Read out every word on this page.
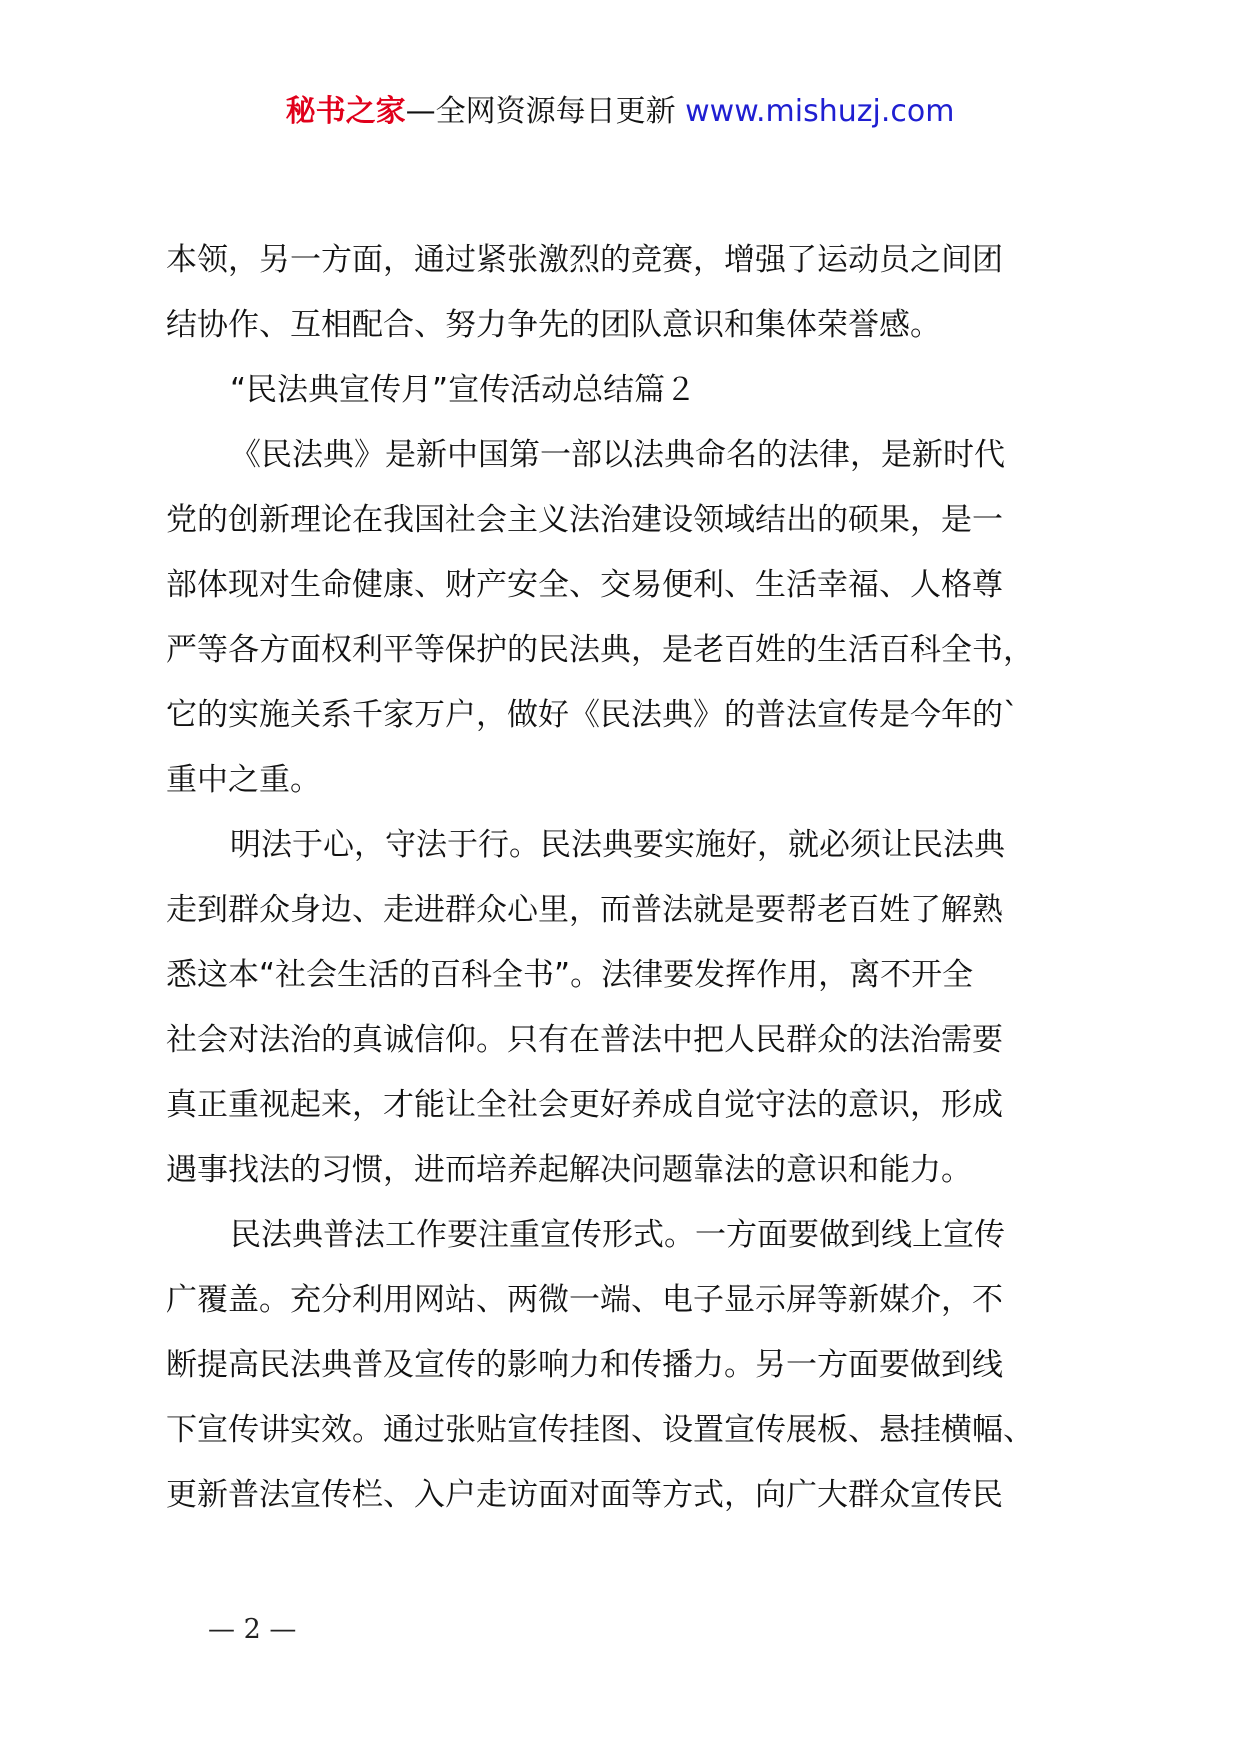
秘书之家—全网资源每日更新 www.mishuzj.com
本领，另一方面，通过紧张激烈的竞赛，增强了运动员之间团
结协作、互相配合、努力争先的团队意识和集体荣誉感。
“民法典宣传月”宣传活动总结篇２
《民法典》是新中国第一部以法典命名的法律，是新时代
党的创新理论在我国社会主义法治建设领域结出的硕果，是一
部体现对生命健康、财产安全、交易便利、生活幸福、人格尊
严等各方面权利平等保护的民法典，是老百姓的生活百科全书，
它的实施关系千家万户，做好《民法典》的普法宣传是今年的`
重中之重。
明法于心，守法于行。民法典要实施好，就必须让民法典
走到群众身边、走进群众心里，而普法就是要帮老百姓了解熟
悉这本“社会生活的百科全书”。法律要发挥作用，离不开全
社会对法治的真诚信仰。只有在普法中把人民群众的法治需要
真正重视起来，才能让全社会更好养成自觉守法的意识，形成
遇事找法的习惯，进而培养起解决问题靠法的意识和能力。
民法典普法工作要注重宣传形式。一方面要做到线上宣传
广覆盖。充分利用网站、两微一端、电子显示屏等新媒介，不
断提高民法典普及宣传的影响力和传播力。另一方面要做到线
下宣传讲实效。通过张贴宣传挂图、设置宣传展板、悬挂横幅、
更新普法宣传栏、入户走访面对面等方式，向广大群众宣传民
— 2 —
